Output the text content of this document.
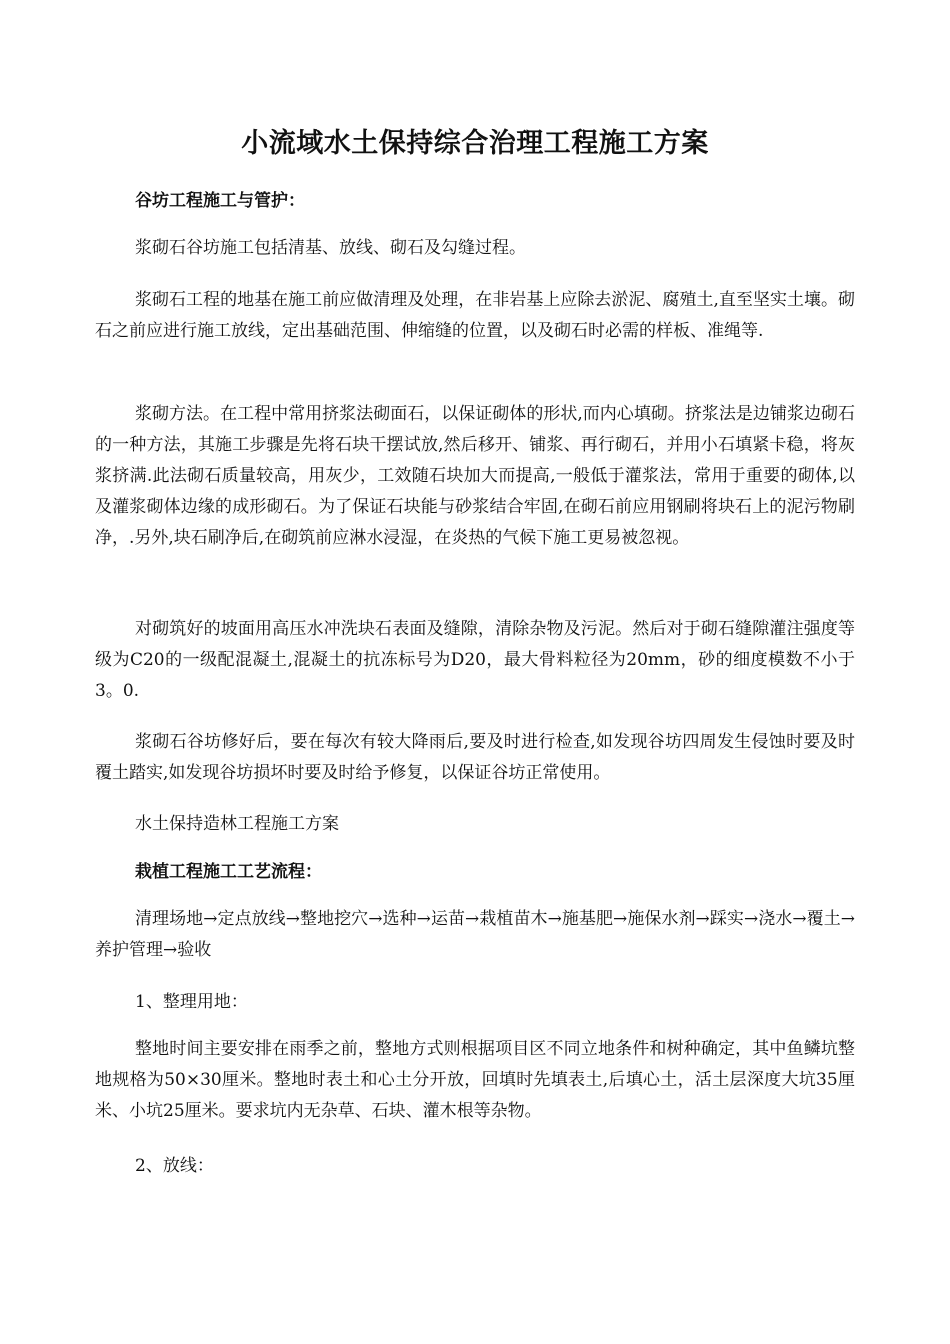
小流域水土保持综合治理工程施工方案

谷坊工程施工与管护：

浆砌石谷坊施工包括清基、放线、砌石及勾缝过程。

浆砌石工程的地基在施工前应做清理及处理，在非岩基上应除去淤泥、腐殖土,直至坚实土壤。砌石之前应进行施工放线，定出基础范围、伸缩缝的位置，以及砌石时必需的样板、准绳等.

浆砌方法。在工程中常用挤浆法砌面石，以保证砌体的形状,而内心填砌。挤浆法是边铺浆边砌石的一种方法，其施工步骤是先将石块干摆试放,然后移开、铺浆、再行砌石，并用小石填紧卡稳，将灰浆挤满.此法砌石质量较高，用灰少，工效随石块加大而提高,一般低于灌浆法，常用于重要的砌体,以及灌浆砌体边缘的成形砌石。为了保证石块能与砂浆结合牢固,在砌石前应用钢刷将块石上的泥污物刷净，.另外,块石刷净后,在砌筑前应淋水浸湿，在炎热的气候下施工更易被忽视。

对砌筑好的坡面用高压水冲洗块石表面及缝隙，清除杂物及污泥。然后对于砌石缝隙灌注强度等级为C20的一级配混凝土,混凝土的抗冻标号为D20，最大骨料粒径为20mm，砂的细度模数不小于3。0.

浆砌石谷坊修好后，要在每次有较大降雨后,要及时进行检查,如发现谷坊四周发生侵蚀时要及时覆土踏实,如发现谷坊损坏时要及时给予修复，以保证谷坊正常使用。

水土保持造林工程施工方案

栽植工程施工工艺流程：

清理场地→定点放线→整地挖穴→选种→运苗→栽植苗木→施基肥→施保水剂→踩实→浇水→覆土→养护管理→验收

1、整理用地：

整地时间主要安排在雨季之前，整地方式则根据项目区不同立地条件和树种确定，其中鱼鳞坑整地规格为50×30厘米。整地时表土和心土分开放，回填时先填表土,后填心土，活土层深度大坑35厘米、小坑25厘米。要求坑内无杂草、石块、灌木根等杂物。

2、放线：
